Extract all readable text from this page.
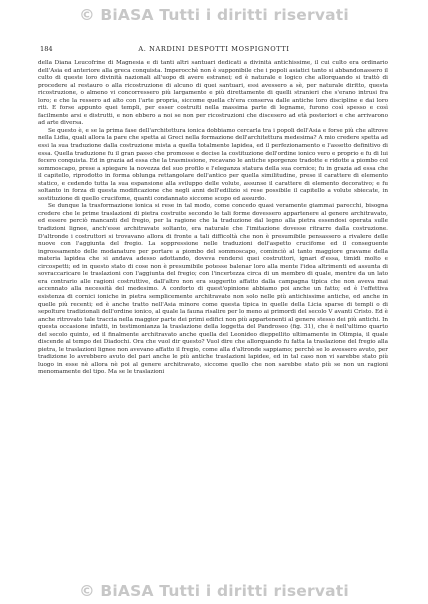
© BiASA Tutti i diritti riservati
184	A. NARDINI DESPOTTI MOSPIGNOTTI

della Diana Leucofrine di Magnesia e di tanti altri santuari dedicati a divinità antichissime, il cui culto era ordinario dell'Asia ed anteriore alla greca conquista. Imperocchè non è supponibile che i popoli asiatici tanto si abbandonassero il culto di queste loro divinità nazionali all'uopo di avere estranei; ed è naturale e logico che allorquando si trattò di procedere al restauro o alla ricostruzione di alcuno di quei santuari, essi avessero a sè, per naturale diritto, questa ricostruzione, o almeno vi concorressero più largamente e più direttamente di quelli stranieri che s'erano intrusi fra loro; e che la ressero ad alto con l'arte propria, siccome quella ch'era conserva dalle antiche loro discipline e dai loro riti. E forse appunto quei templi, per esser costruiti nella massima parte di legname, furono così spesso e così facilmente arsi e distrutti, e non ebbero a noi se non per ricostruzioni che discesero ad età posteriori e che arrivarono ad arte diversa.

Se questo è, e se la prima fase dell'architettura ionica dobbiamo cercarla tra i popoli dell'Asia e forse più che altrove nella Lidia, quali allora la pare che spetta ai Greci nella formazione dell'architettura medesima? A mio credere spetta ad essi la sua traduzione dalla costruzione mista a quella totalmente lapidea, ed il perfezionamento e l'assetto definitivo di essa. Quella traduzione fu il gran passo che promosse e decise la costituzione dell'ordine ionico vero e proprio e fu di lui fecero conquista. Ed in grazia ad essa che la trasmissione, recavano le antiche sporgenze tradotte e ridotte a piombo col sommoscapo, prese a spiegare la novezza del suo profilo e l'eleganza statura della sua cornice; fu in grazia ad essa che il capitello, riprodotto in forma oblunga rettangolare dell'antico per quella similitudine, prese il carattere di elemento statico, e cedendo tutta la sua espansione alla sviluppo delle volute, assunse il carattere di elemento decorativo; e fu soltanto in forza di questa modificazione che negli anni dell'edilizio si rese possibile il capitello a volute sbiecate, in sostituzione di quello crucifome, quanti condannato siccome scopo ed assurdo.

Se dunque la trasformazione ionica si rese in tal modo, come concedo quasi veramente giammai parecchi, bisogna credere che le prime traslazioni di pietra costruite secondo le tali forme dovessero appartenere al genere architravato, ed essere perciò mancanti del fregio, per la ragione che la traduzione dal legno alla pietra essendosi operata sulle tradizioni lignee, anch'esse architravate soltanto, era naturale che l'imitazione dovesse ritrarre dalla costruzione. D'altronde i costruttori si trovavano allora di fronte a tali difficoltà che non è presumibile pensassero a rivalere delle nuove con l'aggiunta del fregio. La soppressione nelle traduzioni dell'aspetto crucifome ed il conseguente ingrossamento delle modanature per portare a piombo del sommoscapo, cominciò al tanto maggiore gravame della materia lapidea che si andava adesso adottando, doveva rendersi quei costruttori, ignari d'essa, timidi molto e circospetti; ed in questo stato di cose non è presumibile potesse balenar loro alla mente l'idea altrimenti ed assunta di sovraccaricare le traslazioni con l'aggiunta del fregio; con l'incertezza circa di un membro di quale, mentre da un lato era contrario alle ragioni costruttive, dall'altro non era suggerito affatto dalla campagna tipica che non aveva mai accennato alla necessità del medesimo. A conforto di quest'opinione abbiamo poi anche un fatto; ed è l'effettiva esistenza di cornici ioniche in pietra semplicemente architravate non solo nelle più antichissime antiche, ed anche in quelle più recenti; ed è anche tratto nell'Asia minore come questa tipica in quelle della Licia sparse di templi o di sepolture tradizionali dell'ordine ionico, al quale la fauna risalire per lo meno ai primordi del secolo V avanti Cristo. Ed è anche ritrovato tale traccia nella maggior parte dei primi edifici non più appartenenti al genere stesso dei più antichi. In questa occasione infatti, in testimonianza la traslazione della loggetta del Pandroseo (fig. 31), che è nell'ultimo quarto del secolo quinto, ed il finalmente architravato anche quella del Leonideo dieppellito ultimamente in Olimpia, il quale discende al tempo dei Diadochi. Ora che vuol dir questo? Vuol dire che allorquando fu fatta la traslazione del fregio alla pietra, le traslazioni lignee non avevano affatto il fregio, come alla d'altronde sappiamo; perchè se lo avessero avuto, per tradizione lo avrebbero avuto del pari anche le più antiche traslazioni lapidee, ed in tal caso non vi sarebbe stato più luogo in esse nè allora nè poi al genere architravato, siccome quello che non sarebbe stato più se non un ragioni menomamente del tipo. Ma se le traslazioni

© BiASA Tutti i diritti riservati
